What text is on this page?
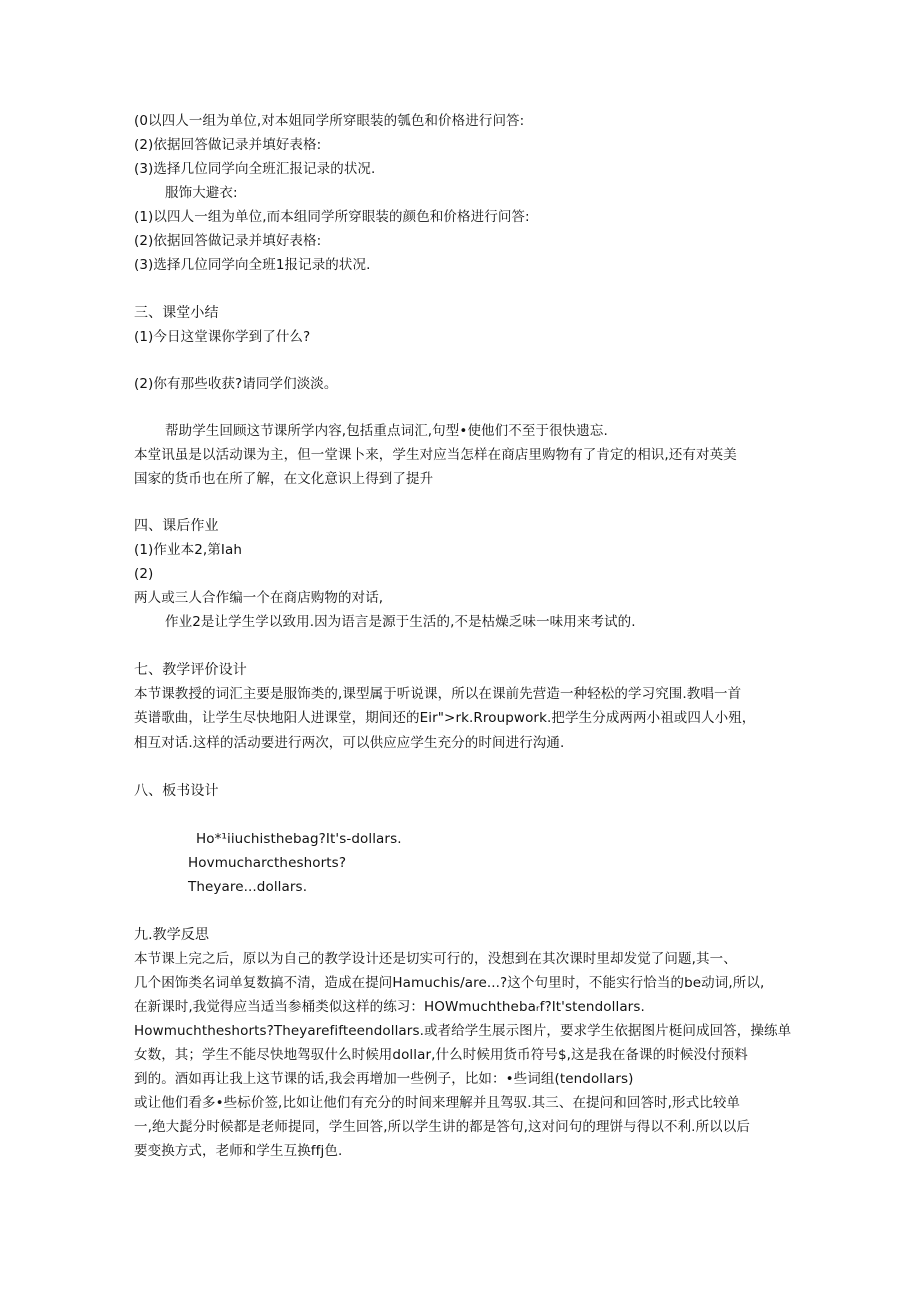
(0以四人一组为单位,对本姐同学所穿眼装的瓠色和价格进行问答:
(2)依据回答做记录并填好表格:
(3)选择几位同学向全班汇报记录的状况.
服饰大避衣:
(1)以四人一组为单位,而本组同学所穿眼装的颜色和价格进行问答:
(2)依据回答做记录并填好表格:
(3)选择几位同学向全班1报记录的状况.
三、课堂小结
(1)今日这堂课你学到了什么?
(2)你有那些收获?请同学们淡淡。
帮助学生回顾这节课所学内容,包括重点词汇,句型•使他们不至于很快遗忘.
本堂讯虽是以活动课为主，但一堂课卜来，学生对应当怎样在商店里购物有了肯定的相识,还有对英美
国家的货币也在所了解，在文化意识上得到了提升
四、课后作业
(1)作业本2,第Iah
(2)
两人或三人合作编一个在商店购物的对话,
作业2是让学生学以致用.因为语言是源于生活的,不是枯燥乏味一味用来考试的.
七、教学评价设计
本节课教授的词汇主要是服饰类的,课型属于听说课，所以在课前先营造一种轻松的学习究围.教唱一首
英谱歌曲，让学生尽快地阳人进课堂，期间还的Eir">rk.Rroupwork.把学生分成两两小祖或四人小殂，
相互对话.这样的活动要进行两次，可以供应应学生充分的时间进行沟通.
八、板书设计
Ho*¹iiuchisthebag?It's-dollars.
Hovmucharctheshorts?
Theyare...dollars.
九.教学反思
本节课上完之后，原以为自己的教学设计还是切实可行的，没想到在其次课时里却发觉了问题,其一、
几个困饰类名词单复数搞不清，造成在提问Hamuchis/are...?这个句里时，不能实行恰当的be动词,所以,
在新课时,我觉得应当适当参桶类似这样的练习：HOWmuchthebaᵣf?It'stendollars.
Howmuchtheshorts?Theyarefifteendollars.或者给学生展示图片，要求学生依据图片梃问成回答，操练单
女数，其；学生不能尽快地驾驭什么时候用dollar,什么时候用货币符号$,这是我在备课的时候没付预料
到的。酒如再让我上这节课的话,我会再增加一些例子，比如：•些词组(tendollars)
或让他们看多•些标价签,比如让他们有充分的时间来理解并且驾驭.其三、在提问和回答时,形式比较单
一,绝大髭分时候都是老师提同，学生回答,所以学生讲的都是答句,这对问句的理饼与得以不利.所以以后
要变换方式，老师和学生互换ffj色.
